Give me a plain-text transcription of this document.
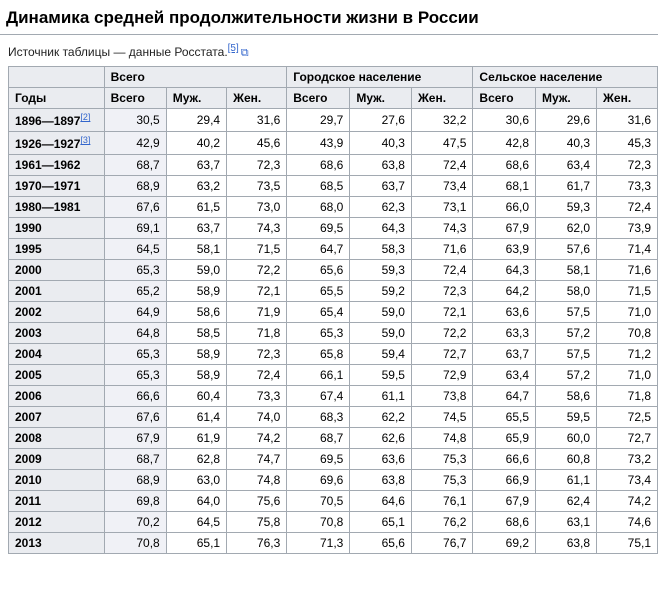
Динамика средней продолжительности жизни в России
Источник таблицы — данные Росстата.[5] ⧉
	Всего			Городское население			Сельское население		
Годы	Всего	Муж.	Жен.	Всего	Муж.	Жен.	Всего	Муж.	Жен.
1896—1897[2]	30,5	29,4	31,6	29,7	27,6	32,2	30,6	29,6	31,6
1926—1927[3]	42,9	40,2	45,6	43,9	40,3	47,5	42,8	40,3	45,3
1961—1962	68,7	63,7	72,3	68,6	63,8	72,4	68,6	63,4	72,3
1970—1971	68,9	63,2	73,5	68,5	63,7	73,4	68,1	61,7	73,3
1980—1981	67,6	61,5	73,0	68,0	62,3	73,1	66,0	59,3	72,4
1990	69,1	63,7	74,3	69,5	64,3	74,3	67,9	62,0	73,9
1995	64,5	58,1	71,5	64,7	58,3	71,6	63,9	57,6	71,4
2000	65,3	59,0	72,2	65,6	59,3	72,4	64,3	58,1	71,6
2001	65,2	58,9	72,1	65,5	59,2	72,3	64,2	58,0	71,5
2002	64,9	58,6	71,9	65,4	59,0	72,1	63,6	57,5	71,0
2003	64,8	58,5	71,8	65,3	59,0	72,2	63,3	57,2	70,8
2004	65,3	58,9	72,3	65,8	59,4	72,7	63,7	57,5	71,2
2005	65,3	58,9	72,4	66,1	59,5	72,9	63,4	57,2	71,0
2006	66,6	60,4	73,3	67,4	61,1	73,8	64,7	58,6	71,8
2007	67,6	61,4	74,0	68,3	62,2	74,5	65,5	59,5	72,5
2008	67,9	61,9	74,2	68,7	62,6	74,8	65,9	60,0	72,7
2009	68,7	62,8	74,7	69,5	63,6	75,3	66,6	60,8	73,2
2010	68,9	63,0	74,8	69,6	63,8	75,3	66,9	61,1	73,4
2011	69,8	64,0	75,6	70,5	64,6	76,1	67,9	62,4	74,2
2012	70,2	64,5	75,8	70,8	65,1	76,2	68,6	63,1	74,6
2013	70,8	65,1	76,3	71,3	65,6	76,7	69,2	63,8	75,1
